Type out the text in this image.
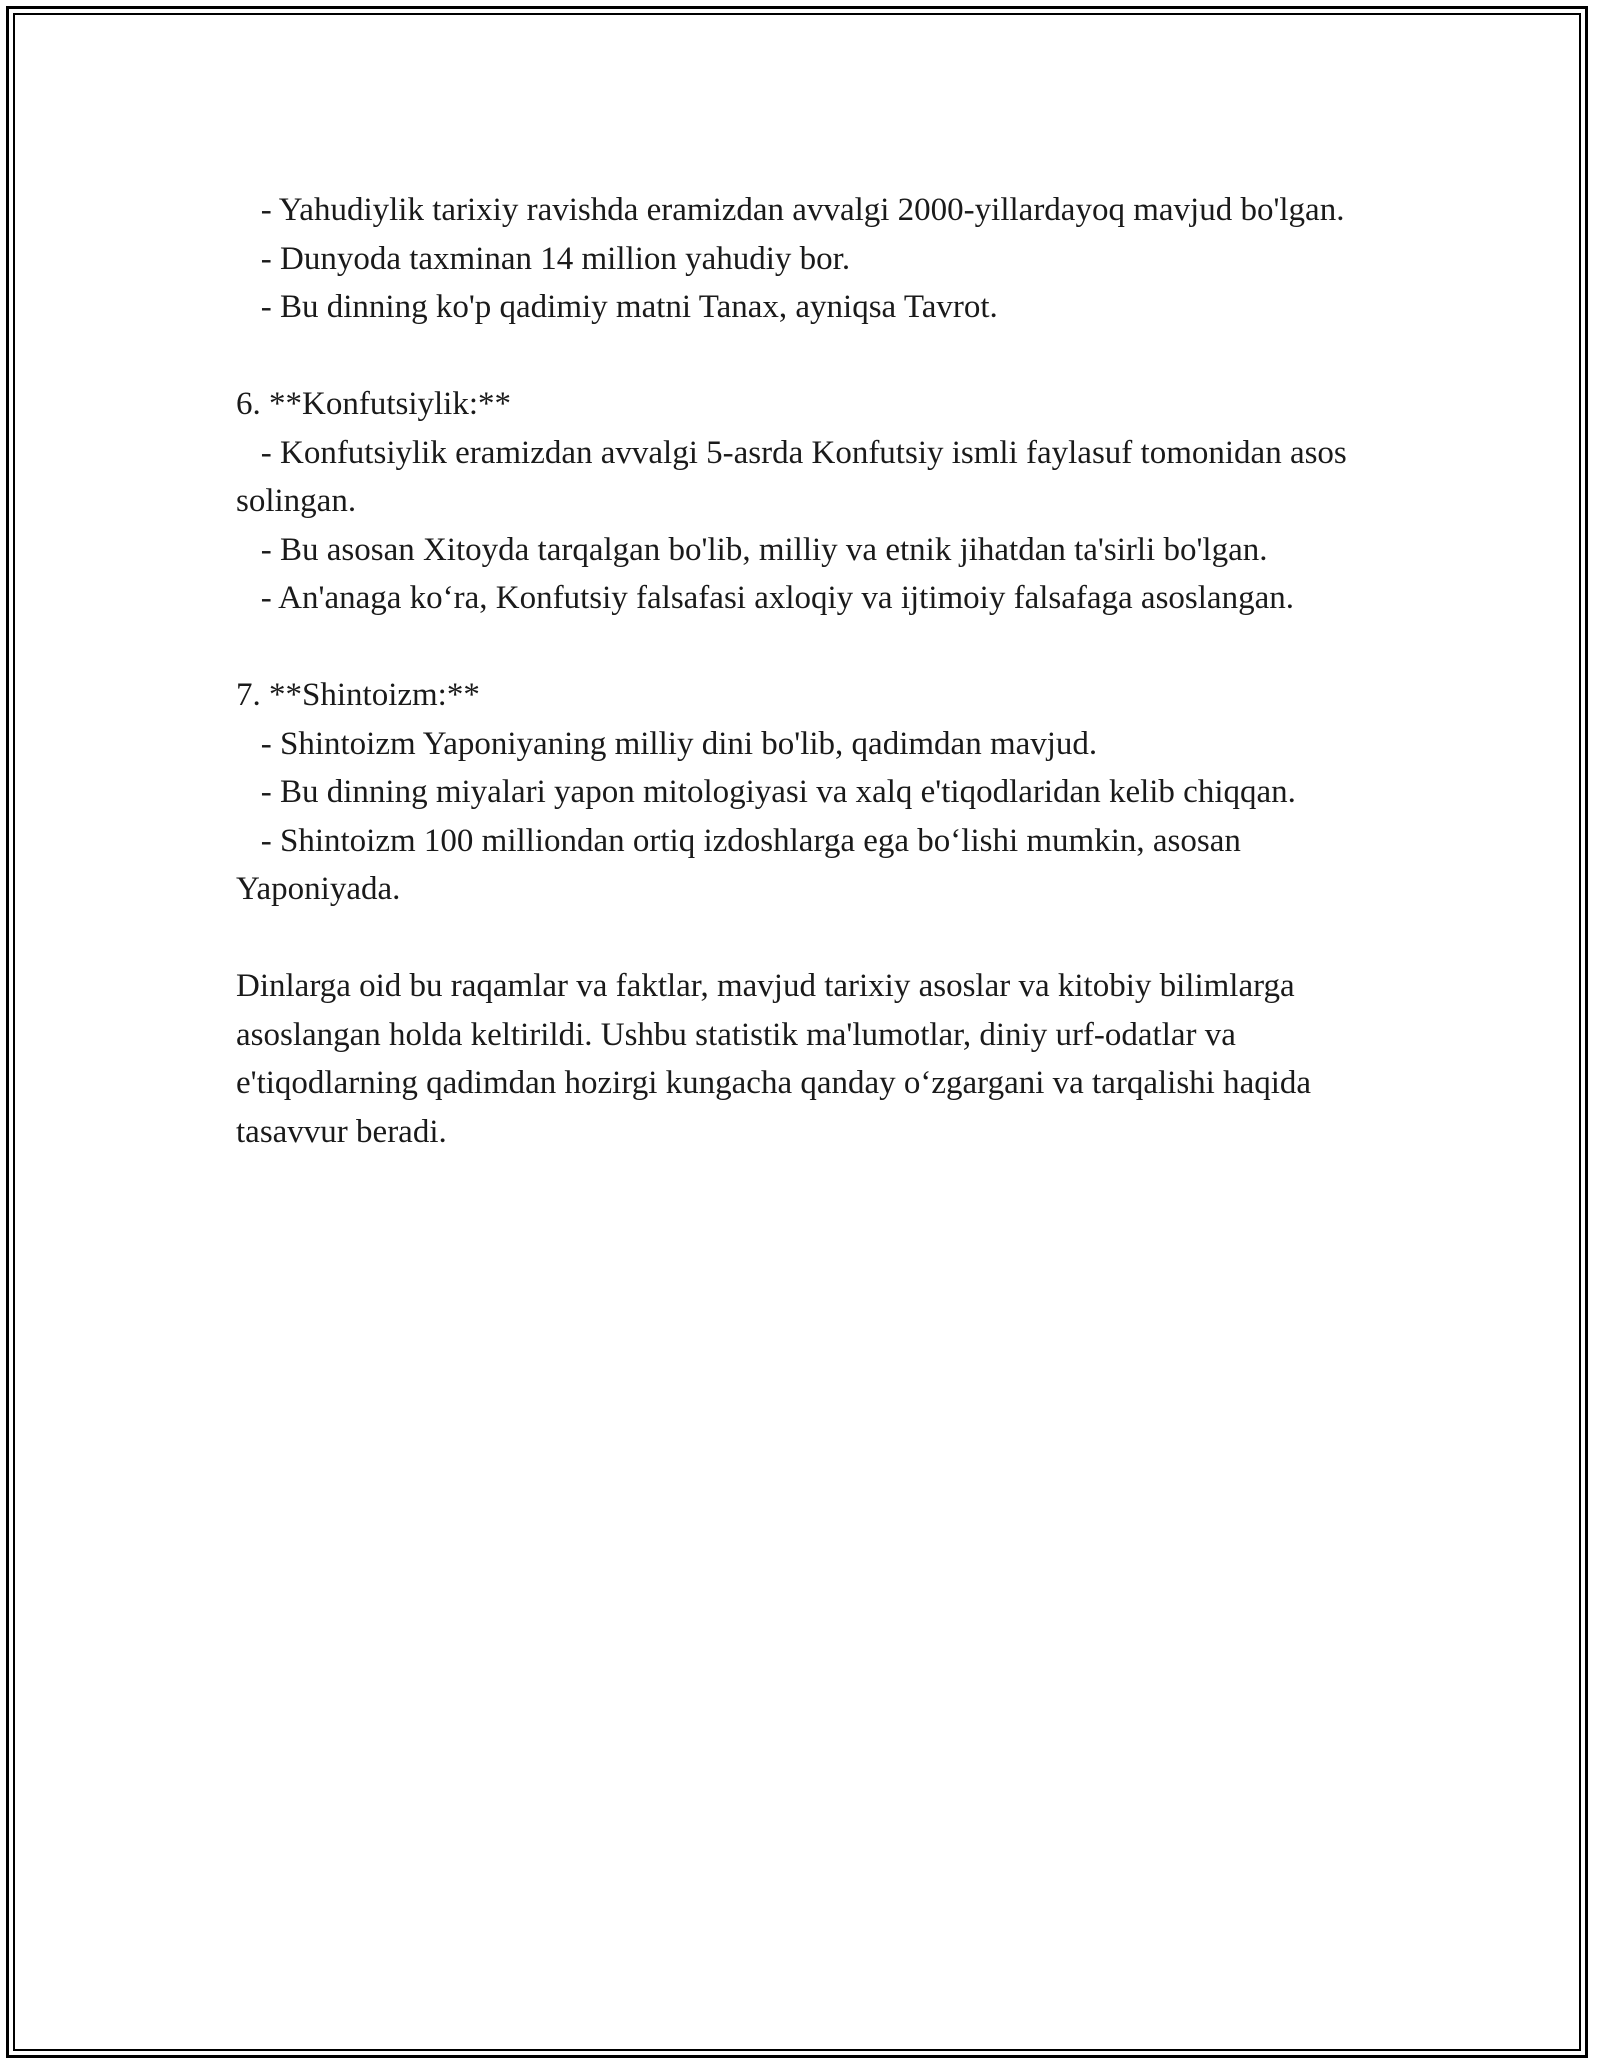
- Yahudiylik tarixiy ravishda eramizdan avvalgi 2000-yillardayoq mavjud bo'lgan.

- Dunyoda taxminan 14 million yahudiy bor.

- Bu dinning ko'p qadimiy matni Tanax, ayniqsa Tavrot.

6. **Konfutsiylik:**

- Konfutsiylik eramizdan avvalgi 5-asrda Konfutsiy ismli faylasuf tomonidan asos solingan.

- Bu asosan Xitoyda tarqalgan bo'lib, milliy va etnik jihatdan ta'sirli bo'lgan.

- An'anaga ko‘ra, Konfutsiy falsafasi axloqiy va ijtimoiy falsafaga asoslangan.

7. **Shintoizm:**

- Shintoizm Yaponiyaning milliy dini bo'lib, qadimdan mavjud.

- Bu dinning miyalari yapon mitologiyasi va xalq e'tiqodlaridan kelib chiqqan.

- Shintoizm 100 milliondan ortiq izdoshlarga ega bo‘lishi mumkin, asosan Yaponiyada.

Dinlarga oid bu raqamlar va faktlar, mavjud tarixiy asoslar va kitobiy bilimlarga asoslangan holda keltirildi. Ushbu statistik ma'lumotlar, diniy urf-odatlar va e'tiqodlarning qadimdan hozirgi kungacha qanday o‘zgargani va tarqalishi haqida tasavvur beradi.
